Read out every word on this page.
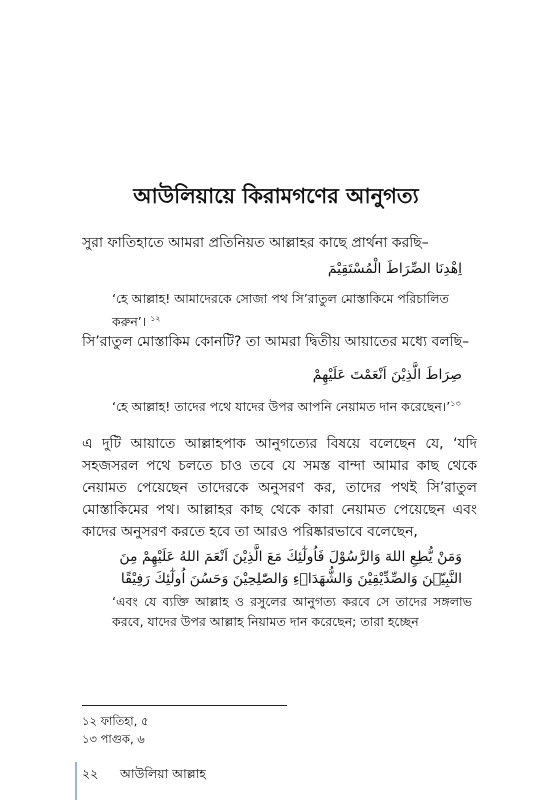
আউলিয়ায়ে কিরামগণের আনুগত্য

সুরা ফাতিহাতে আমরা প্রতিনিয়ত আল্লাহর কাছে প্রার্থনা করছি–

اِهْدِنَا الصِّرَاطَ الْمُسْتَقِيْمَ

‘হে আল্লাহ! আমাদেরকে সোজা পথ সি’রাতুল মোস্তাকিমে পরিচালিত করুন’। $^{১২}$

সি’রাতুল মোস্তাকিম কোনটি? তা আমরা দ্বিতীয় আয়াতের মধ্যে বলছি–

صِرَاطَ الَّذِيْنَ اَنْعَمْتَ عَلَيْهِمْ

‘হে আল্লাহ! তাদের পথে যাদের উপর আপনি নেয়ামত দান করেছেন।’$^{১৩}$

এ দুটি আয়াতে আল্লাহপাক আনুগত্যের বিষয়ে বলেছেন যে, ‘যদি সহজসরল পথে চলতে চাও তবে যে সমস্ত বান্দা আমার কাছ থেকে নেয়ামত পেয়েছেন তাদেরকে অনুসরণ কর, তাদের পথই সি’রাতুল মোস্তাকিমের পথ। আল্লাহর কাছ থেকে কারা নেয়ামত পেয়েছেন এবং কাদের অনুসরণ করতে হবে তা আরও পরিষ্কারভাবে বলেছেন,

وَمَنْ يُّطِعِ اللهَ وَالرَّسُوْلَ فَاُولٰٓئِكَ مَعَ الَّذِيْنَ اَنْعَمَ اللهُ عَلَيْهِمْ مِنَ النَّبِيّٖنَ وَالصِّدِّيْقِيْنَ وَالشُّهَدَاۤءِ وَالصّٰلِحِيْنَ وَحَسُنَ اُولٰٓئِكَ رَفِيْقًا

‘এবং যে ব্যক্তি আল্লাহ ও রসুলের আনুগত্য করবে সে তাদের সঙ্গলাভ করবে, যাদের উপর আল্লাহ নিয়ামত দান করেছেন; তারা হচ্ছেন

১২ ফাতিহা, ৫

১৩ পাগুক, ৬

২২ আউলিয়া আল্লাহ
